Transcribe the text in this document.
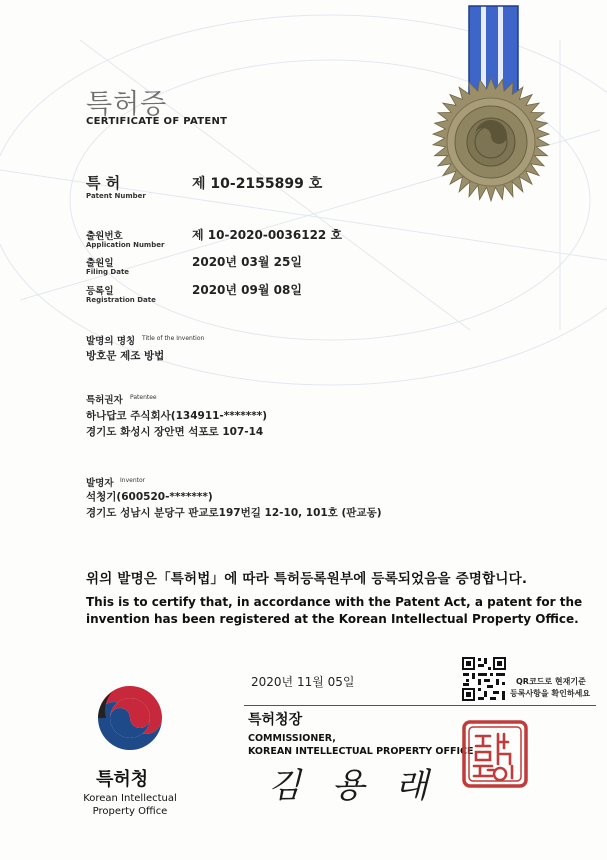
특허증
CERTIFICATE OF PATENT
특 허
Patent Number
제 10-2155899 호
출원번호
Application Number
제 10-2020-0036122 호
출원일
Filing Date
2020년 03월 25일
등록일
Registration Date
2020년 09월 08일
발명의 명칭 Title of the Invention
방호문 제조 방법
특허권자 Patentee
하나답코 주식회사(134911-*******)
경기도 화성시 장안면 석포로 107-14
발명자 Inventor
석청기(600520-*******)
경기도 성남시 분당구 판교로197번길 12-10, 101호 (판교동)
위의 발명은「특허법」에 따라 특허등록원부에 등록되었음을 증명합니다.
This is to certify that, in accordance with the Patent Act, a patent for the
invention has been registered at the Korean Intellectual Property Office.
2020년 11월 05일	QR코드로 현재기준
등록사항을 확인하세요
특허청장
COMMISSIONER,
KOREAN INTELLECTUAL PROPERTY OFFICE
김 용 래
특허청
Korean Intellectual
Property Office
